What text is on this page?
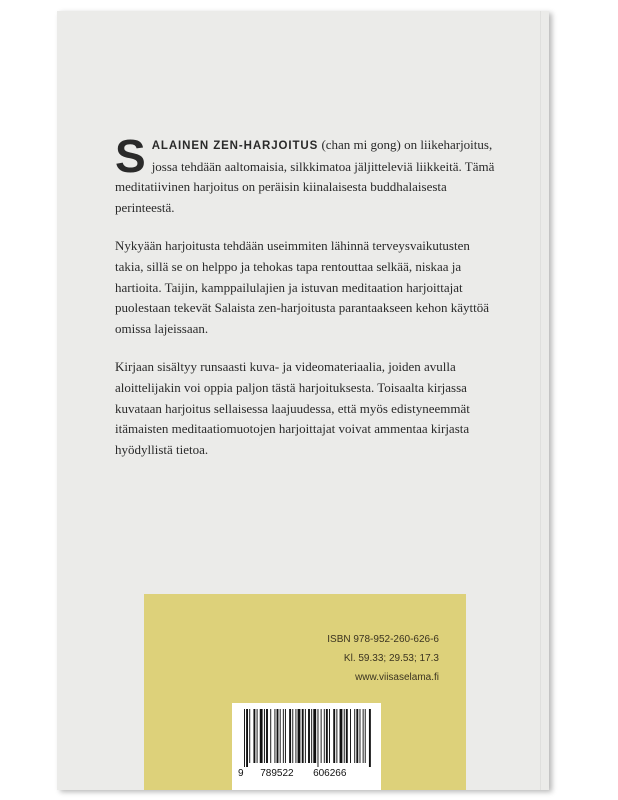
SALAINEN ZEN-HARJOITUS (chan mi gong) on liikeharjoitus, jossa tehdään aaltomaisia, silkkimatoa jäljitteleviä liikkeitä. Tämä meditatiivinen harjoitus on peräisin kiinalaisesta buddhalaisesta perinteestä.

Nykyään harjoitusta tehdään useimmiten lähinnä terveysvaikutusten takia, sillä se on helppo ja tehokas tapa rentouttaa selkää, niskaa ja hartioita. Taijin, kamppailulajien ja istuvan meditaation harjoittajat puolestaan tekevät Salaista zen-harjoitusta parantaakseen kehon käyttöä omissa lajeissaan.

Kirjaan sisältyy runsaasti kuva- ja videomateriaalia, joiden avulla aloittelijakin voi oppia paljon tästä harjoituksesta. Toisaalta kirjassa kuvataan harjoitus sellaisessa laajuudessa, että myös edistyneemmät itämaisten meditaatiomuotojen harjoittajat voivat ammentaa kirjasta hyödyllistä tietoa.

ISBN 978-952-260-626-6
Kl. 59.33; 29.53; 17.3
www.viisaselama.fi
9 789522 606266
